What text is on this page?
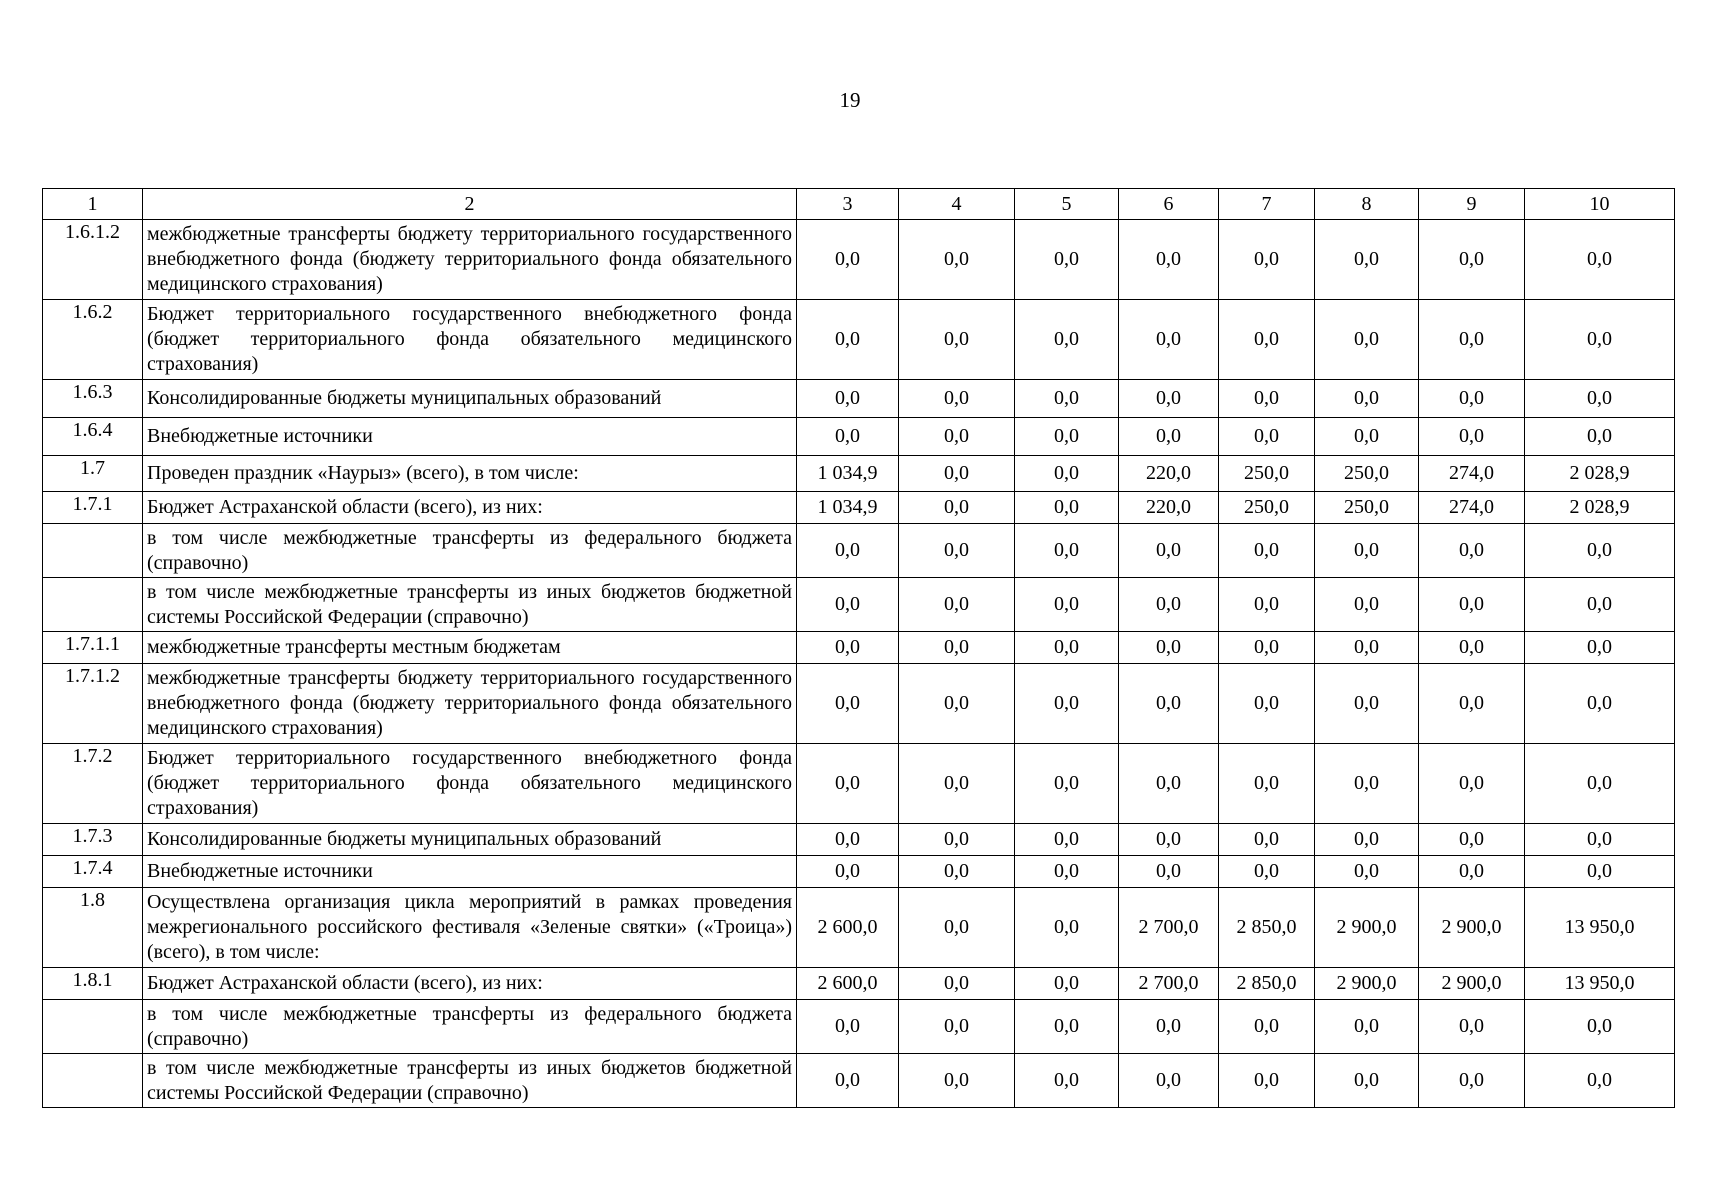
19
1	2	3	4	5	6	7	8	9	10
1.6.1.2	межбюджетные трансферты бюджету территориального государственного внебюджетного фонда (бюджету территориального фонда обязательного медицинского страхования)	0,0	0,0	0,0	0,0	0,0	0,0	0,0	0,0
1.6.2	Бюджет территориального государственного внебюджетного фонда (бюджет территориального фонда обязательного медицинского страхования)	0,0	0,0	0,0	0,0	0,0	0,0	0,0	0,0
1.6.3	Консолидированные бюджеты муниципальных образований	0,0	0,0	0,0	0,0	0,0	0,0	0,0	0,0
1.6.4	Внебюджетные источники	0,0	0,0	0,0	0,0	0,0	0,0	0,0	0,0
1.7	Проведен праздник «Наурыз» (всего), в том числе:	1 034,9	0,0	0,0	220,0	250,0	250,0	274,0	2 028,9
1.7.1	Бюджет Астраханской области (всего), из них:	1 034,9	0,0	0,0	220,0	250,0	250,0	274,0	2 028,9
	в том числе межбюджетные трансферты из федерального бюджета (справочно)	0,0	0,0	0,0	0,0	0,0	0,0	0,0	0,0
	в том числе межбюджетные трансферты из иных бюджетов бюджетной системы Российской Федерации (справочно)	0,0	0,0	0,0	0,0	0,0	0,0	0,0	0,0
1.7.1.1	межбюджетные трансферты местным бюджетам	0,0	0,0	0,0	0,0	0,0	0,0	0,0	0,0
1.7.1.2	межбюджетные трансферты бюджету территориального государственного внебюджетного фонда (бюджету территориального фонда обязательного медицинского страхования)	0,0	0,0	0,0	0,0	0,0	0,0	0,0	0,0
1.7.2	Бюджет территориального государственного внебюджетного фонда (бюджет территориального фонда обязательного медицинского страхования)	0,0	0,0	0,0	0,0	0,0	0,0	0,0	0,0
1.7.3	Консолидированные бюджеты муниципальных образований	0,0	0,0	0,0	0,0	0,0	0,0	0,0	0,0
1.7.4	Внебюджетные источники	0,0	0,0	0,0	0,0	0,0	0,0	0,0	0,0
1.8	Осуществлена организация цикла мероприятий в рамках проведения межрегионального российского фестиваля «Зеленые святки» («Троица») (всего), в том числе:	2 600,0	0,0	0,0	2 700,0	2 850,0	2 900,0	2 900,0	13 950,0
1.8.1	Бюджет Астраханской области (всего), из них:	2 600,0	0,0	0,0	2 700,0	2 850,0	2 900,0	2 900,0	13 950,0
	в том числе межбюджетные трансферты из федерального бюджета (справочно)	0,0	0,0	0,0	0,0	0,0	0,0	0,0	0,0
	в том числе межбюджетные трансферты из иных бюджетов бюджетной системы Российской Федерации (справочно)	0,0	0,0	0,0	0,0	0,0	0,0	0,0	0,0
